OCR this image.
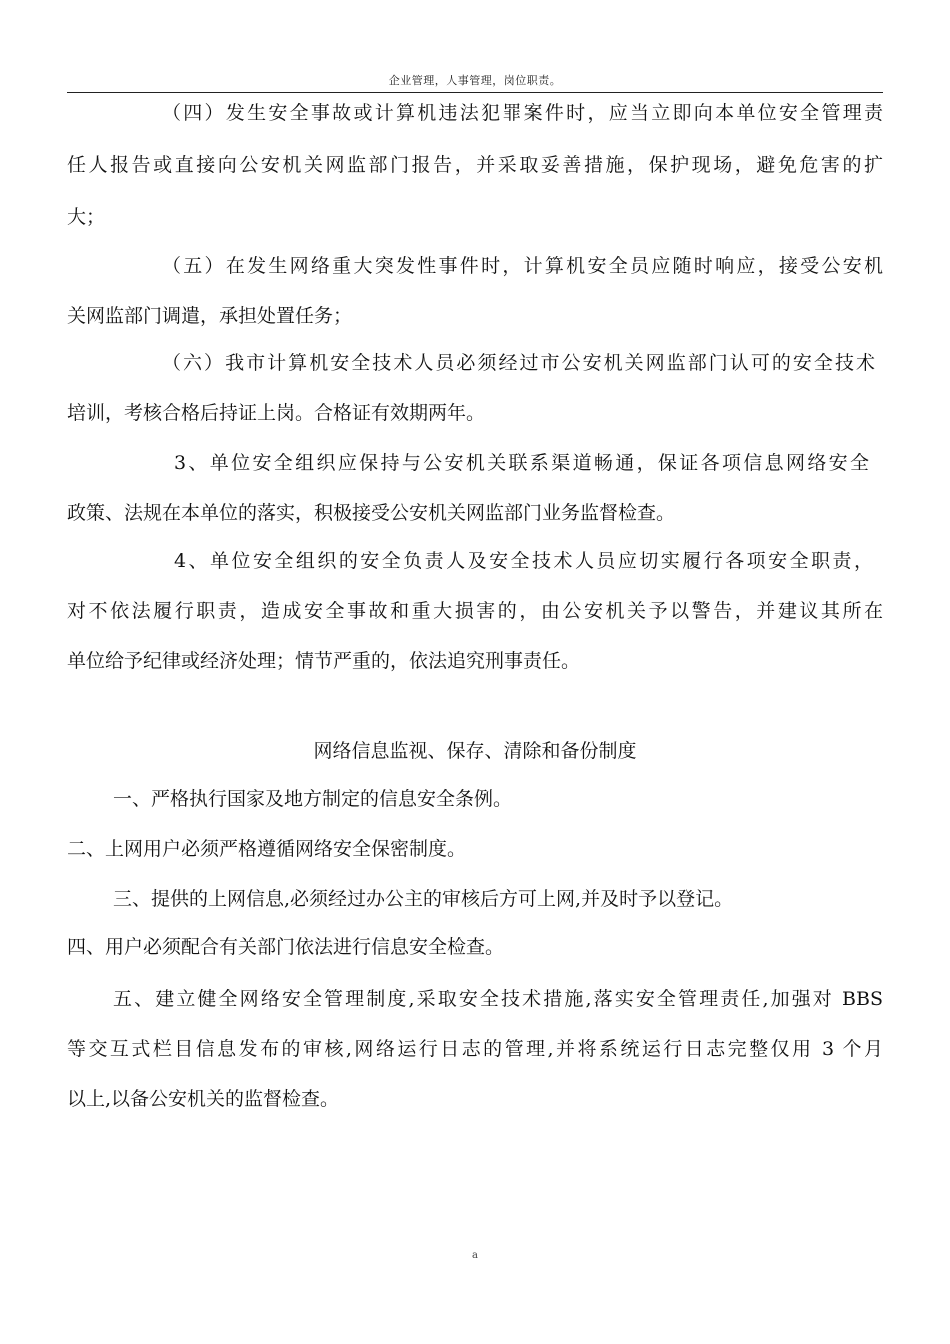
企业管理，人事管理，岗位职责。
（四）发生安全事故或计算机违法犯罪案件时，应当立即向本单位安全管理责
任人报告或直接向公安机关网监部门报告，并采取妥善措施，保护现场，避免危害的扩
大；
（五）在发生网络重大突发性事件时，计算机安全员应随时响应，接受公安机
关网监部门调遣，承担处置任务；
（六）我市计算机安全技术人员必须经过市公安机关网监部门认可的安全技术
培训，考核合格后持证上岗。合格证有效期两年。
3、单位安全组织应保持与公安机关联系渠道畅通，保证各项信息网络安全
政策、法规在本单位的落实，积极接受公安机关网监部门业务监督检查。
4、单位安全组织的安全负责人及安全技术人员应切实履行各项安全职责，
对不依法履行职责，造成安全事故和重大损害的，由公安机关予以警告，并建议其所在
单位给予纪律或经济处理；情节严重的，依法追究刑事责任。
网络信息监视、保存、清除和备份制度
一、严格执行国家及地方制定的信息安全条例。
二、上网用户必须严格遵循网络安全保密制度。
三、提供的上网信息,必须经过办公主的审核后方可上网,并及时予以登记。
四、用户必须配合有关部门依法进行信息安全检查。
五、建立健全网络安全管理制度,采取安全技术措施,落实安全管理责任,加强对 BBS
等交互式栏目信息发布的审核,网络运行日志的管理,并将系统运行日志完整仅用 3 个月
以上,以备公安机关的监督检查。
a
